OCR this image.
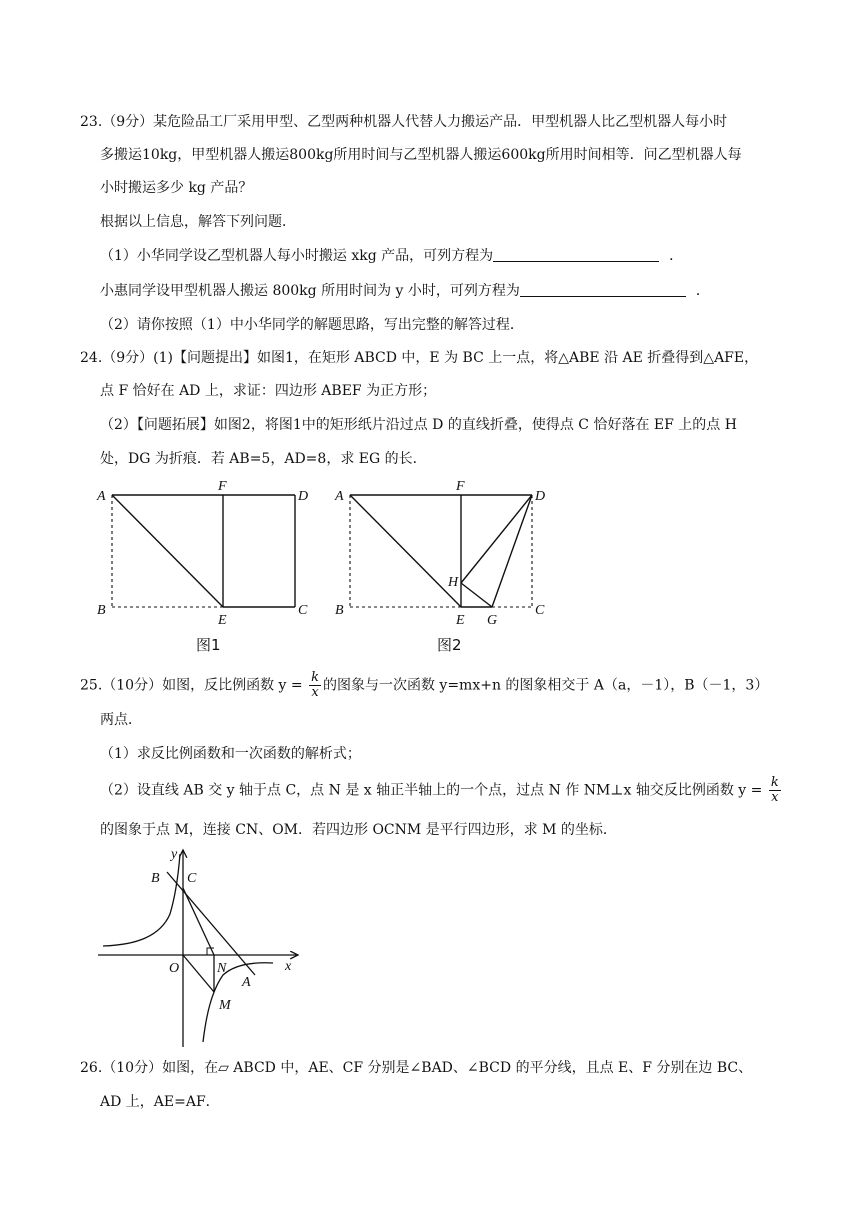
23.（9分）某危险品工厂采用甲型、乙型两种机器人代替人力搬运产品．甲型机器人比乙型机器人每小时
多搬运10kg，甲型机器人搬运800kg所用时间与乙型机器人搬运600kg所用时间相等．问乙型机器人每
小时搬运多少 kg 产品？
根据以上信息，解答下列问题．
（1）小华同学设乙型机器人每小时搬运 xkg 产品，可列方程为	．
小惠同学设甲型机器人搬运 800kg 所用时间为 y 小时，可列方程为	．
（2）请你按照（1）中小华同学的解题思路，写出完整的解答过程．
24.（9分）(1)【问题提出】如图1，在矩形 ABCD 中，E 为 BC 上一点，将△ABE 沿 AE 折叠得到△AFE，
点 F 恰好在 AD 上，求证：四边形 ABEF 为正方形；
（2）【问题拓展】如图2，将图1中的矩形纸片沿过点 D 的直线折叠，使得点 C 恰好落在 EF 上的点 H
处，DG 为折痕．若 AB=5，AD=8，求 EG 的长．
A
F
D
B
E
C
图1
A
F
D
H
B
E G
C
图2
25.（10分）如图，反比例函数 $y = \frac{k}{x}$ 的图象与一次函数 y=mx+n 的图象相交于 A（a，－1），B（－1，3）
两点．
（1）求反比例函数和一次函数的解析式；
（2）设直线 AB 交 y 轴于点 C，点 N 是 x 轴正半轴上的一个点，过点 N 作 NM⊥x 轴交反比例函数 $y = \frac{k}{x}$
的图象于点 M，连接 CN、OM．若四边形 OCNM 是平行四边形，求 M 的坐标．
y
x
B C
O	N
A
M
26.（10分）如图，在▱ ABCD 中，AE、CF 分别是∠BAD、∠BCD 的平分线，且点 E、F 分别在边 BC、
AD 上，AE=AF．
